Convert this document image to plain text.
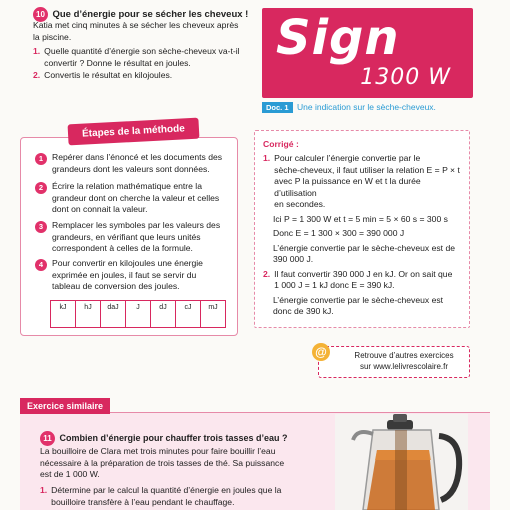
10 Que d’énergie pour se sécher les cheveux !
Katia met cinq minutes à se sécher les cheveux après
la piscine.
1. Quelle quantité d’énergie son sèche-cheveux va-t-il
convertir ? Donne le résultat en joules.
2. Convertis le résultat en kilojoules.
Sign
1300 W
Doc. 1 Une indication sur le sèche-cheveux.
1	Repérer dans l’énoncé et les documents des
grandeurs dont les valeurs sont données.
2	Écrire la relation mathématique entre la
grandeur dont on cherche la valeur et celles
dont on connait la valeur.
3	Remplacer les symboles par les valeurs des
grandeurs, en vérifiant que leurs unités
correspondent à celles de la formule.
4	Pour convertir en kilojoules une énergie
exprimée en joules, il faut se servir du
tableau de conversion des joules.
kJ	hJ	daJ	J	dJ	cJ	mJ
Étapes de la méthode
Corrigé :
1. Pour calculer l’énergie convertie par le
sèche-cheveux, il faut utiliser la relation E = P × t
avec P la puissance en W et t la durée d’utilisation
en secondes.
Ici P = 1 300 W et t = 5 min = 5 × 60 s = 300 s
Donc E = 1 300 × 300 = 390 000 J
L’énergie convertie par le sèche-cheveux est de
390 000 J.
2. Il faut convertir 390 000 J en kJ. Or on sait que
1 000 J = 1 kJ donc E = 390 kJ.
L’énergie convertie par le sèche-cheveux est
donc de 390 kJ.
Retrouve d’autres exercices
sur www.lelivrescolaire.fr
@
Exercice similaire
11 Combien d’énergie pour chauffer trois tasses d’eau ?
La bouilloire de Clara met trois minutes pour faire bouillir l’eau
nécessaire à la préparation de trois tasses de thé. Sa puissance
est de 1 000 W.
1. Détermine par le calcul la quantité d’énergie en joules que la
bouilloire transfère à l’eau pendant le chauffage.
